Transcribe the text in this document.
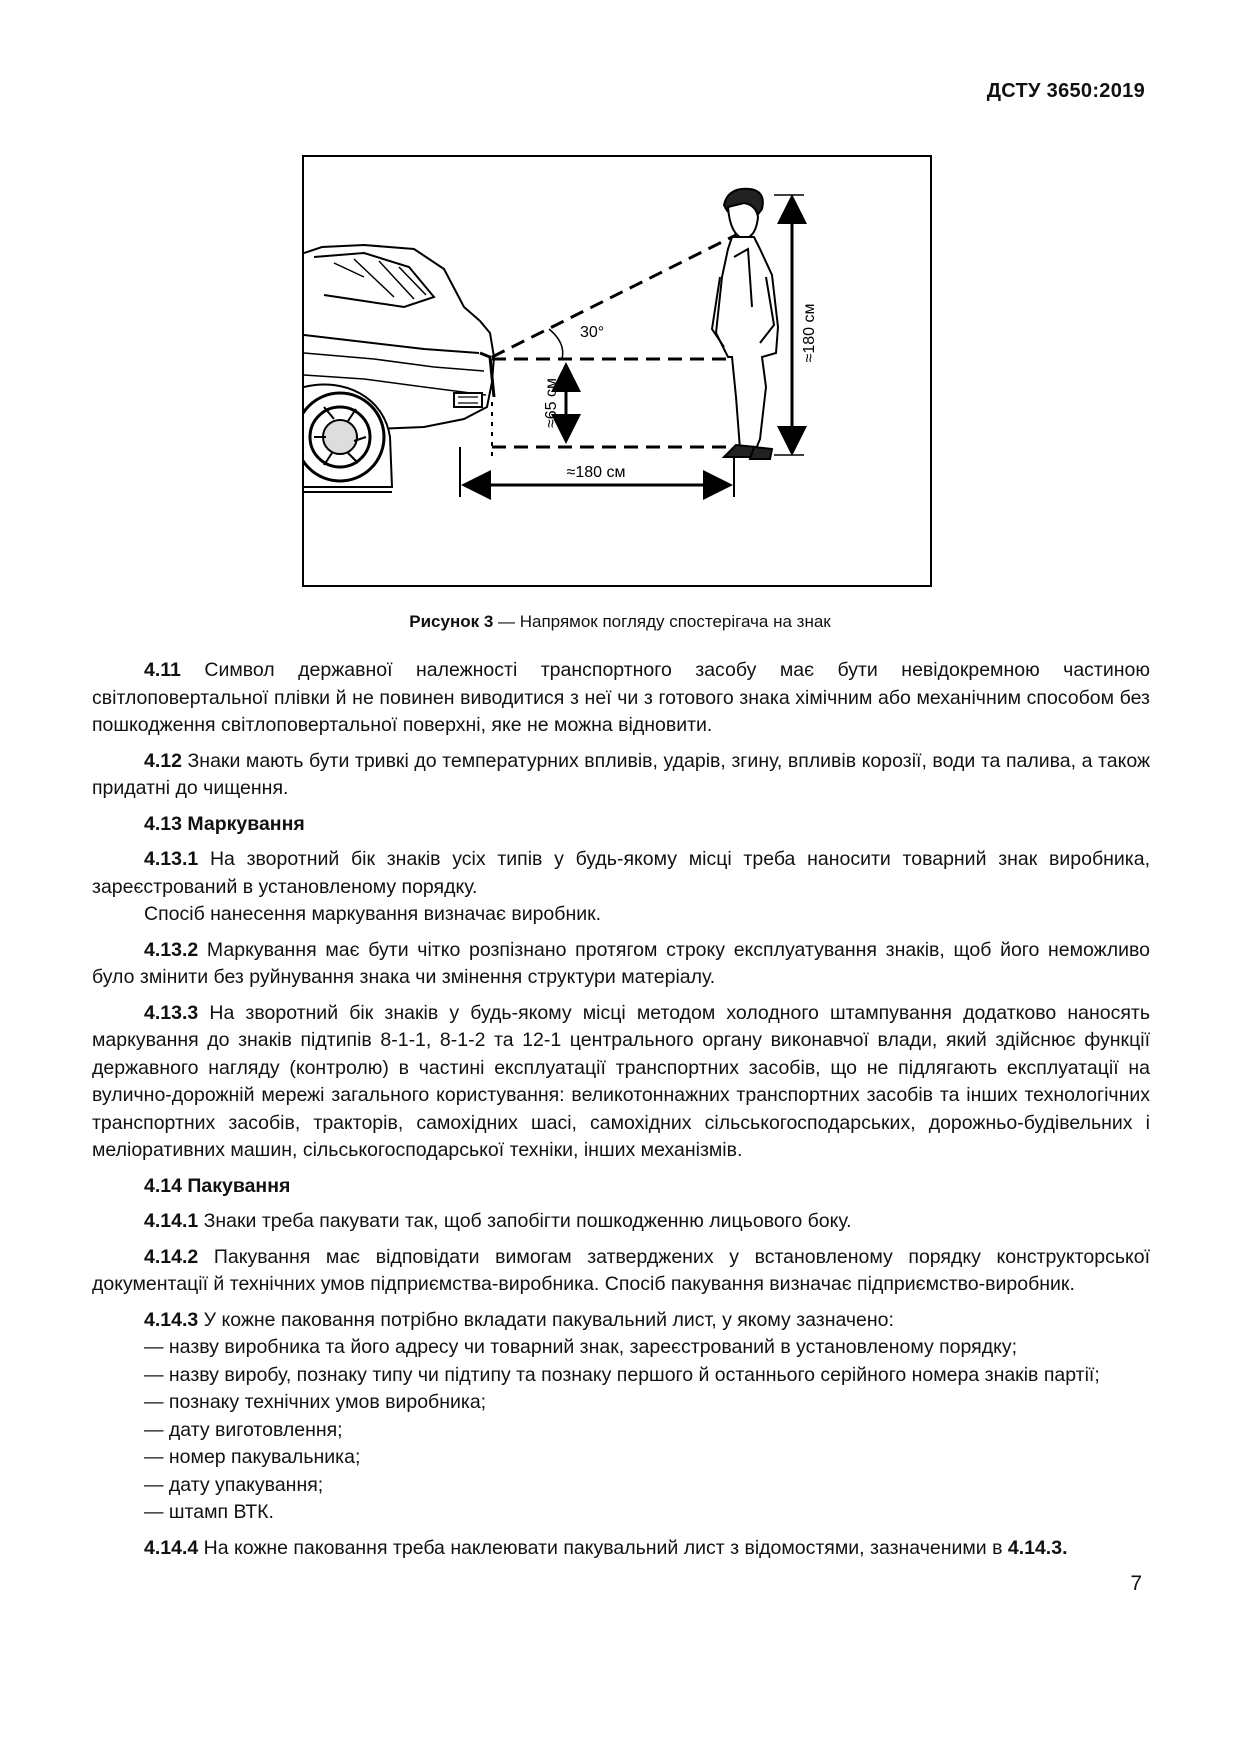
ДСТУ 3650:2019
30°
≈65 см
≈180 см
≈180 см
Рисунок 3 — Напрямок погляду спостерігача на знак

4.11 Символ державної належності транспортного засобу має бути невідокремною частиною світлоповертальної плівки й не повинен виводитися з неї чи з готового знака хімічним або механічним способом без пошкодження світлоповертальної поверхні, яке не можна відновити.

4.12 Знаки мають бути тривкі до температурних впливів, ударів, згину, впливів корозії, води та палива, а також придатні до чищення.

4.13 Маркування

4.13.1 На зворотний бік знаків усіх типів у будь-якому місці треба наносити товарний знак виробника, зареєстрований в установленому порядку.

Спосіб нанесення маркування визначає виробник.

4.13.2 Маркування має бути чітко розпізнано протягом строку експлуатування знаків, щоб його неможливо було змінити без руйнування знака чи змінення структури матеріалу.

4.13.3 На зворотний бік знаків у будь-якому місці методом холодного штампування додатково наносять маркування до знаків підтипів 8-1-1, 8-1-2 та 12-1 центрального органу виконавчої влади, який здійснює функції державного нагляду (контролю) в частині експлуатації транспортних засобів, що не підлягають експлуатації на вулично-дорожній мережі загального користування: великотоннажних транспортних засобів та інших технологічних транспортних засобів, тракторів, самохідних шасі, самохідних сільськогосподарських, дорожньо-будівельних і меліоративних машин, сільськогосподарської техніки, інших механізмів.

4.14 Пакування

4.14.1 Знаки треба пакувати так, щоб запобігти пошкодженню лицьового боку.

4.14.2 Пакування має відповідати вимогам затверджених у встановленому порядку конструкторської документації й технічних умов підприємства-виробника. Спосіб пакування визначає підприємство-виробник.

4.14.3 У кожне паковання потрібно вкладати пакувальний лист, у якому зазначено:

— назву виробника та його адресу чи товарний знак, зареєстрований в установленому порядку;

— назву виробу, познаку типу чи підтипу та познаку першого й останнього серійного номера знаків партії;

— познаку технічних умов виробника;

— дату виготовлення;

— номер пакувальника;

— дату упакування;

— штамп ВТК.

4.14.4 На кожне паковання треба наклеювати пакувальний лист з відомостями, зазначеними в 4.14.3.

7
